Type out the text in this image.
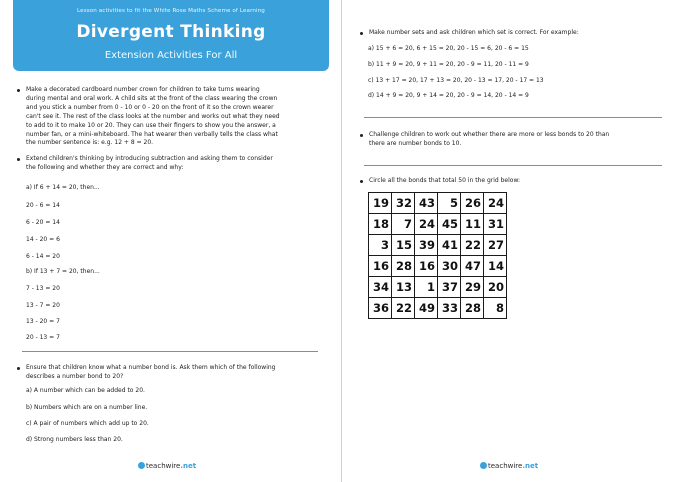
Lesson activities to fit the White Rose Maths Scheme of Learning
Divergent Thinking
Extension Activities For All
Make a decorated cardboard number crown for children to take turns wearing
during mental and oral work. A child sits at the front of the class wearing the crown
and you stick a number from 0 - 10 or 0 - 20 on the front of it so the crown wearer
can't see it. The rest of the class looks at the number and works out what they need
to add to it to make 10 or 20. They can use their fingers to show you the answer, a
number fan, or a mini-whiteboard. The hat wearer then verbally tells the class what
the number sentence is: e.g. 12 + 8 = 20.
Extend children's thinking by introducing subtraction and asking them to consider
the following and whether they are correct and why:
a) If 6 + 14 = 20, then...
20 - 6 = 14
6 - 20 = 14
14 - 20 = 6
6 - 14 = 20
b) If 13 + 7 = 20, then...
7 - 13 = 20
13 - 7 = 20
13 - 20 = 7
20 - 13 = 7
Ensure that children know what a number bond is. Ask them which of the following
describes a number bond to 20?
a) A number which can be added to 20.
b) Numbers which are on a number line.
c) A pair of numbers which add up to 20.
d) Strong numbers less than 20.
teachwire.net
Make number sets and ask children which set is correct. For example:
a) 15 + 6 = 20, 6 + 15 = 20, 20 - 15 = 6, 20 - 6 = 15
b) 11 + 9 = 20, 9 + 11 = 20, 20 - 9 = 11, 20 - 11 = 9
c) 13 + 17 = 20, 17 + 13 = 20, 20 - 13 = 17, 20 - 17 = 13
d) 14 + 9 = 20, 9 + 14 = 20, 20 - 9 = 14, 20 - 14 = 9
Challenge children to work out whether there are more or less bonds to 20 than
there are number bonds to 10.
Circle all the bonds that total 50 in the grid below:
19	32	43	5	26	24
18	7	24	45	11	31
3	15	39	41	22	27
16	28	16	30	47	14
34	13	1	37	29	20
36	22	49	33	28	8
teachwire.net
